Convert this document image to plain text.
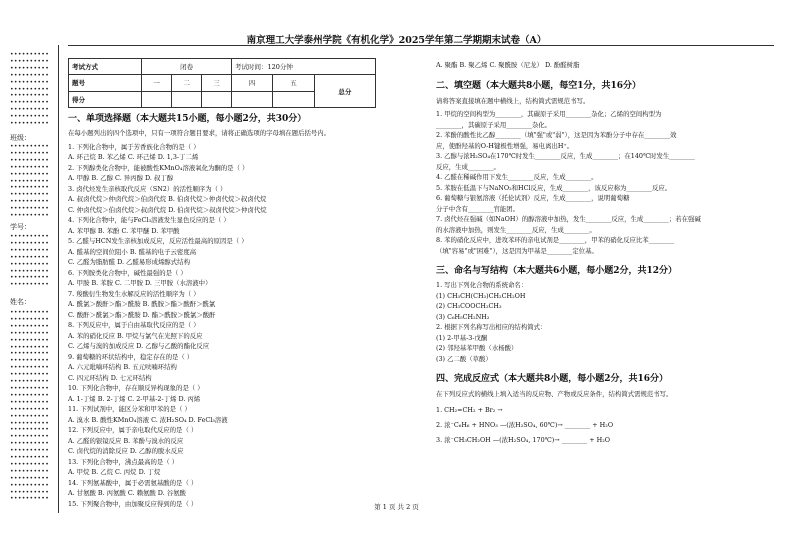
南京理工大学泰州学院《有机化学》2025学年第二学期期末试卷（A）
••••••••••
••••••••••
••••••••••
••••••••••
••••••••••
••••••••••
••••••••••
••••••••••
••••••••••
••••••••••
••••••••••
班级：
••••••••••
••••••••••
••••••••••
••••••••••
••••••••••
••••••••••
••••••••••
••••••••••
••••••••••
••••••••••
••••••••••
学号：
••••••••••
••••••••••
••••••••••
••••••••••
••••••••••
••••••••••
••••••••••
••••••••••
姓名：
••••••••••
••••••••••
••••••••••
••••••••••
••••••••••
••••••••••
••••••••••
••••••••••
••••••••••
••••••••••
••••••••••
••••••••••
••••••••••
••••••••••
••••••••••
••••••••••
••••••••••
••••••••••
••••••••••
••••••••••
••••••••••
••••••••••
••••••••••
••••••••••
••••••••••
••••••••••
••••••••••
••••••••••
考试方式	闭卷			考试时间：120分钟		
题号	一	二	三	四	五	总分
得分						
一、单项选择题（本大题共15小题，每小题2分，共30分）
在每小题列出的四个选项中，只有一项符合题目要求，请将正确选项的字母填在题后括号内。
1. 下列化合物中，属于芳香族化合物的是（ ）
A. 环己烷 B. 苯乙烯 C. 环己烯 D. 1,3-丁二烯
2. 下列醇类化合物中，能被酸性KMnO₄溶液氧化为酮的是（ ）
A. 甲醇 B. 乙醇 C. 异丙醇 D. 叔丁醇
3. 卤代烃发生亲核取代反应（SN2）的活性顺序为（ ）
A. 叔卤代烷＞仲卤代烷＞伯卤代烷 B. 伯卤代烷＞仲卤代烷＞叔卤代烷
C. 仲卤代烷＞伯卤代烷＞叔卤代烷 D. 伯卤代烷＞叔卤代烷＞仲卤代烷
4. 下列化合物中，能与FeCl₃溶液发生显色反应的是（ ）
A. 苯甲醇 B. 苯酚 C. 苯甲醚 D. 苯甲酸
5. 乙醛与HCN发生亲核加成反应，反应活性最高的原因是（ ）
A. 醛基的空间位阻小 B. 醛基的电子云密度高
C. 乙醛为脂肪醛 D. 乙醛易形成烯醇式结构
6. 下列胺类化合物中，碱性最强的是（ ）
A. 甲胺 B. 苯胺 C. 二甲胺 D. 三甲胺（水溶液中）
7. 羧酸衍生物发生水解反应的活性顺序为（ ）
A. 酰氯＞酸酐＞酯＞酰胺 B. 酰胺＞酯＞酸酐＞酰氯
C. 酸酐＞酰氯＞酯＞酰胺 D. 酯＞酰胺＞酰氯＞酸酐
8. 下列反应中，属于自由基取代反应的是（ ）
A. 苯的硝化反应 B. 甲烷与氯气在光照下的反应
C. 乙烯与溴的加成反应 D. 乙醇与乙酸的酯化反应
9. 葡萄糖的环状结构中，稳定存在的是（ ）
A. 六元吡喃环结构 B. 五元呋喃环结构
C. 四元环结构 D. 七元环结构
10. 下列化合物中，存在顺反异构现象的是（ ）
A. 1-丁烯 B. 2-丁烯 C. 2-甲基-2-丁烯 D. 丙烯
11. 下列试剂中，能区分苯和甲苯的是（ ）
A. 溴水 B. 酸性KMnO₄溶液 C. 浓H₂SO₄ D. FeCl₃溶液
12. 下列反应中，属于亲电取代反应的是（ ）
A. 乙醛的银镜反应 B. 苯酚与溴水的反应
C. 卤代烷的消除反应 D. 乙醇的脱水反应
13. 下列化合物中，沸点最高的是（ ）
A. 甲烷 B. 乙烷 C. 丙烷 D. 丁烷
14. 下列氨基酸中，属于必需氨基酸的是（ ）
A. 甘氨酸 B. 丙氨酸 C. 赖氨酸 D. 谷氨酸
15. 下列聚合物中，由加聚反应得到的是（ ）
A. 聚酯 B. 聚乙烯 C. 聚酰胺（尼龙） D. 酚醛树脂
二、填空题（本大题共8小题，每空1分，共16分）
请将答案直接填在题中横线上，结构简式需规范书写。
1. 甲烷的空间构型为________，其碳原子采用________杂化；乙烯的空间构型为
________，其碳原子采用________杂化。
2. 苯酚的酸性比乙醇________（填"强"或"弱"），这是因为苯酚分子中存在________效
应，使酚羟基的O-H键极性增强，易电离出H⁺。
3. 乙醇与浓H₂SO₄在170℃时发生________反应，生成________；在140℃时发生________
反应，生成________。
4. 乙醛在稀碱作用下发生________反应，生成________。
5. 苯胺在低温下与NaNO₂和HCl反应，生成________，该反应称为________反应。
6. 葡萄糖与银氨溶液（托伦试剂）反应，生成________，说明葡萄糖
分子中含有________官能团。
7. 卤代烃在强碱（如NaOH）的醇溶液中加热，发生________反应，生成________；若在强碱
的水溶液中加热，则发生________反应，生成________。
8. 苯的硝化反应中，进攻苯环的亲电试剂是________，甲苯的硝化反应比苯________
（填"容易"或"困难"），这是因为甲基是________定位基。
三、命名与写结构（本大题共6小题，每小题2分，共12分）
1. 写出下列化合物的系统命名：
(1) CH₃CH(CH₃)CH₂CH₂OH
(2) CH₃COOCH₂CH₃
(3) C₆H₅CH₂NH₂
2. 根据下列名称写出相应的结构简式：
(1) 2-甲基-3-戊酮
(2) 邻羟基苯甲酸（水杨酸）
(3) 乙二酸（草酸）
四、完成反应式（本大题共8小题，每小题2分，共16分）
在下列反应式的横线上填入适当的反应物、产物或反应条件，结构简式需规范书写。
1. CH₂=CH₂ + Br₂ →
2. 浓⁻C₆H₆ + HNO₃ —(浓H₂SO₄, 60℃)→ ________ + H₂O
3. 浓⁻CH₃CH₂OH —(浓H₂SO₄, 170℃)→ ________ + H₂O
第 1 页 共 2 页
